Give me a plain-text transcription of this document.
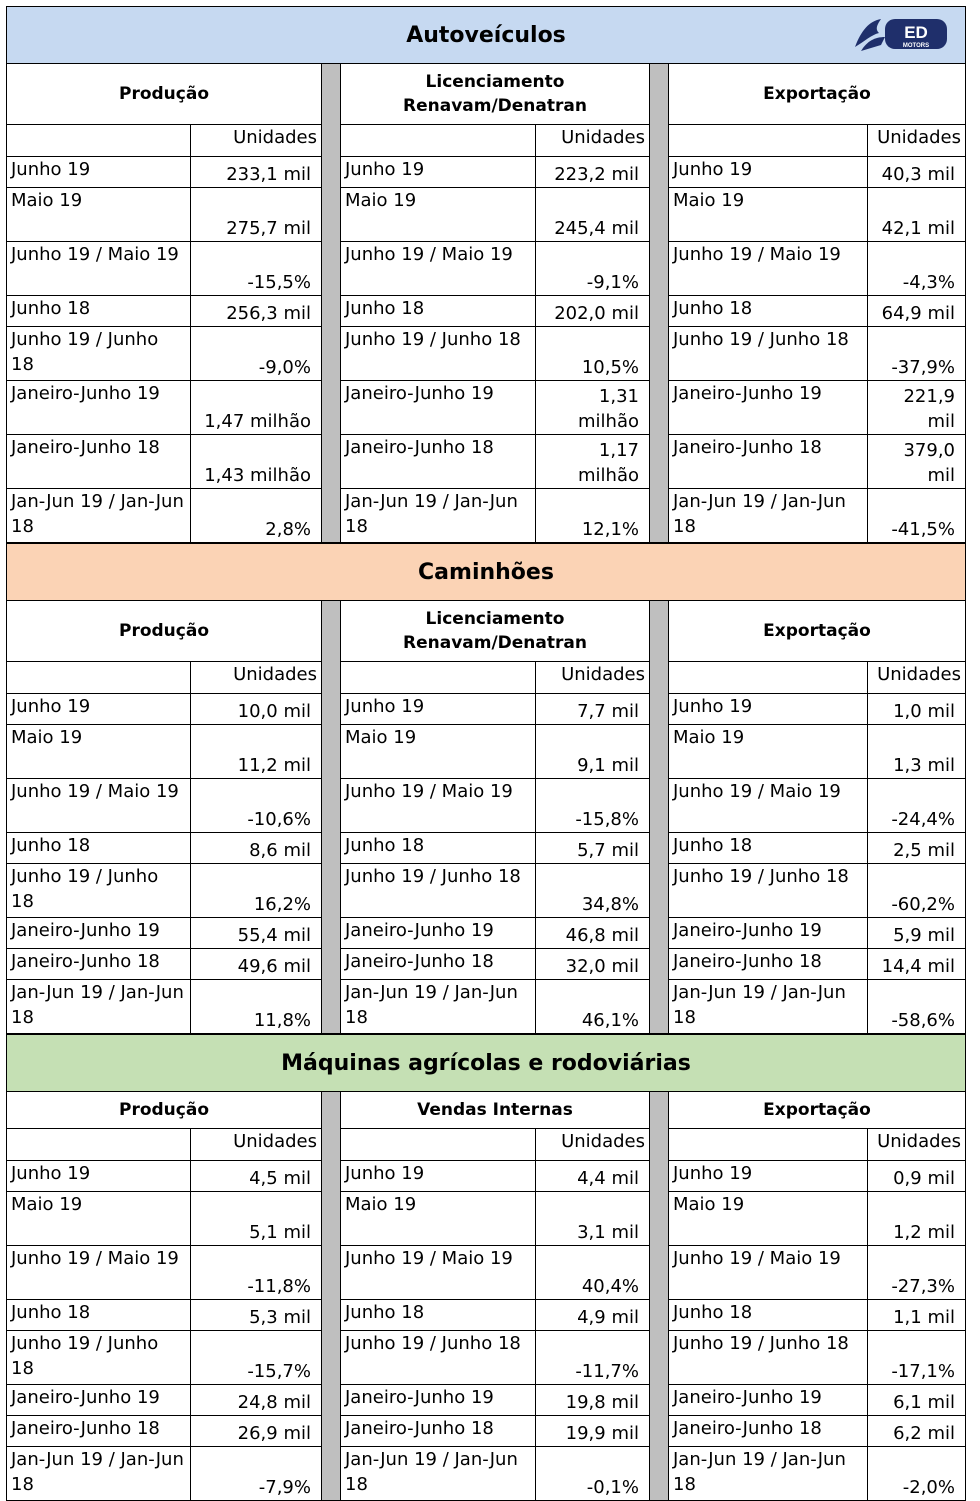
Autoveículos	ED
MOTORS
Produção
	Unidades
Junho 19	233,1 mil
Maio 19	275,7 mil
Junho 19 / Maio 19	-15,5%
Junho 18	256,3 mil
Junho 19 / Junho 18	-9,0%
Janeiro-Junho 19	1,47 milhão
Janeiro-Junho 18	1,43 milhão
Jan-Jun 19 / Jan-Jun 18	2,8%
Licenciamento Renavam/Denatran
	Unidades
Junho 19	223,2 mil
Maio 19	245,4 mil
Junho 19 / Maio 19	-9,1%
Junho 18	202,0 mil
Junho 19 / Junho 18	10,5%
Janeiro-Junho 19	1,31 milhão
Janeiro-Junho 18	1,17 milhão
Jan-Jun 19 / Jan-Jun 18	12,1%
Exportação
	Unidades
Junho 19	40,3 mil
Maio 19	42,1 mil
Junho 19 / Maio 19	-4,3%
Junho 18	64,9 mil
Junho 19 / Junho 18	-37,9%
Janeiro-Junho 19	221,9 mil
Janeiro-Junho 18	379,0 mil
Jan-Jun 19 / Jan-Jun 18	-41,5%
Caminhões
Produção
	Unidades
Junho 19	10,0 mil
Maio 19	11,2 mil
Junho 19 / Maio 19	-10,6%
Junho 18	8,6 mil
Junho 19 / Junho 18	16,2%
Janeiro-Junho 19	55,4 mil
Janeiro-Junho 18	49,6 mil
Jan-Jun 19 / Jan-Jun 18	11,8%
Licenciamento Renavam/Denatran
	Unidades
Junho 19	7,7 mil
Maio 19	9,1 mil
Junho 19 / Maio 19	-15,8%
Junho 18	5,7 mil
Junho 19 / Junho 18	34,8%
Janeiro-Junho 19	46,8 mil
Janeiro-Junho 18	32,0 mil
Jan-Jun 19 / Jan-Jun 18	46,1%
Exportação
	Unidades
Junho 19	1,0 mil
Maio 19	1,3 mil
Junho 19 / Maio 19	-24,4%
Junho 18	2,5 mil
Junho 19 / Junho 18	-60,2%
Janeiro-Junho 19	5,9 mil
Janeiro-Junho 18	14,4 mil
Jan-Jun 19 / Jan-Jun 18	-58,6%
Máquinas agrícolas e rodoviárias
Produção
	Unidades
Junho 19	4,5 mil
Maio 19	5,1 mil
Junho 19 / Maio 19	-11,8%
Junho 18	5,3 mil
Junho 19 / Junho 18	-15,7%
Janeiro-Junho 19	24,8 mil
Janeiro-Junho 18	26,9 mil
Jan-Jun 19 / Jan-Jun 18	-7,9%
Vendas Internas
	Unidades
Junho 19	4,4 mil
Maio 19	3,1 mil
Junho 19 / Maio 19	40,4%
Junho 18	4,9 mil
Junho 19 / Junho 18	-11,7%
Janeiro-Junho 19	19,8 mil
Janeiro-Junho 18	19,9 mil
Jan-Jun 19 / Jan-Jun 18	-0,1%
Exportação
	Unidades
Junho 19	0,9 mil
Maio 19	1,2 mil
Junho 19 / Maio 19	-27,3%
Junho 18	1,1 mil
Junho 19 / Junho 18	-17,1%
Janeiro-Junho 19	6,1 mil
Janeiro-Junho 18	6,2 mil
Jan-Jun 19 / Jan-Jun 18	-2,0%
